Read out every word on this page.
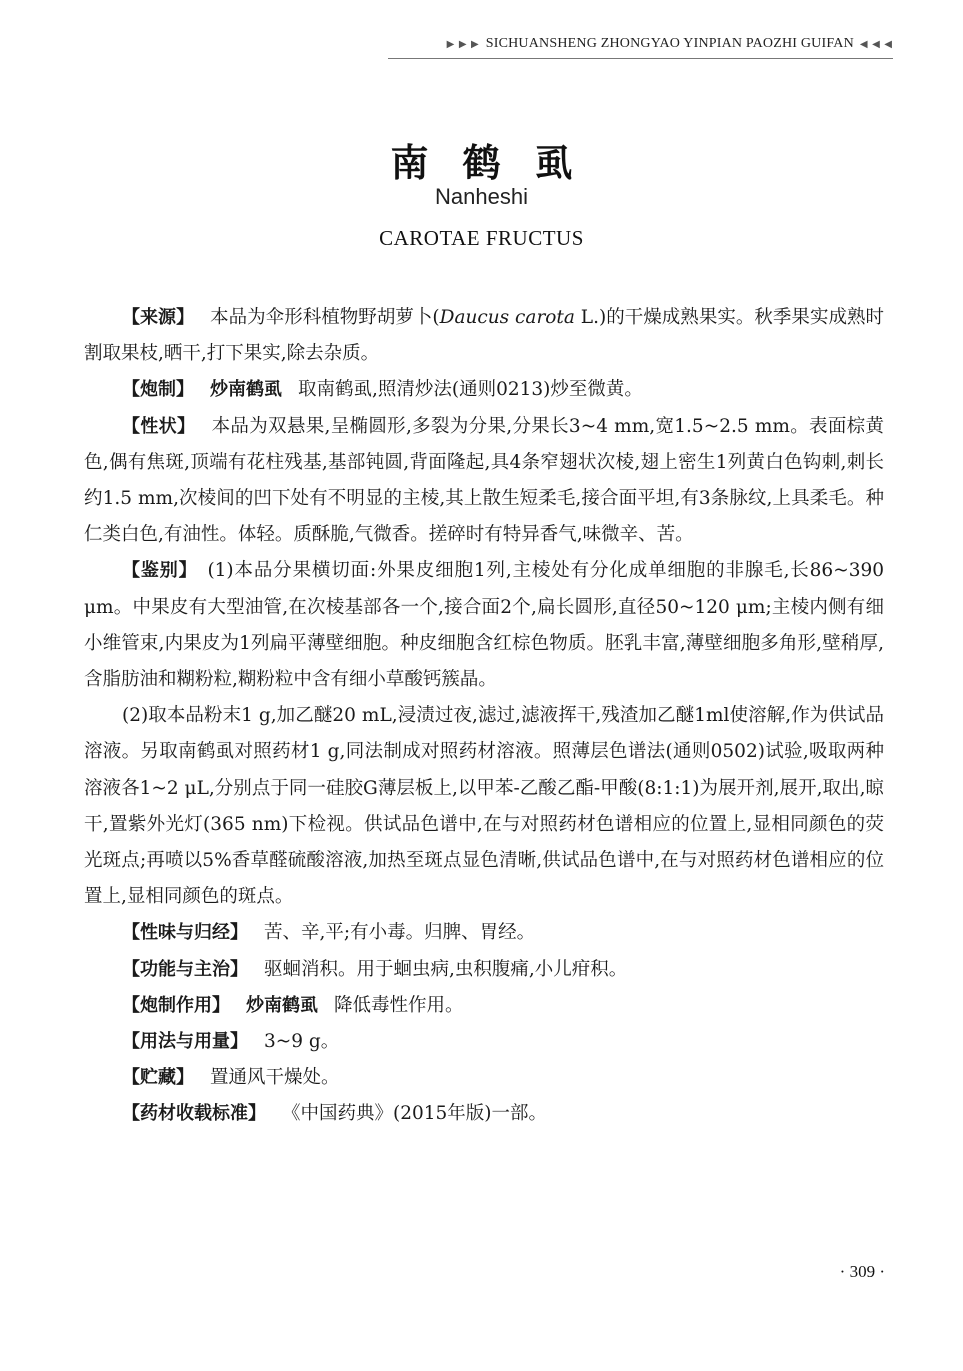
▶ ▶ ▶ SICHUANSHENG ZHONGYAO YINPIAN PAOZHI GUIFAN ◀ ◀ ◀
南鹤虱
Nanheshi
CAROTAE FRUCTUS

【来源】 本品为伞形科植物野胡萝卜(Daucus carota L.)的干燥成熟果实。秋季果实成熟时割取果枝,晒干,打下果实,除去杂质。

【炮制】 炒南鹤虱 取南鹤虱,照清炒法(通则0213)炒至微黄。

【性状】 本品为双悬果,呈椭圆形,多裂为分果,分果长3~4 mm,宽1.5~2.5 mm。表面棕黄色,偶有焦斑,顶端有花柱残基,基部钝圆,背面隆起,具4条窄翅状次棱,翅上密生1列黄白色钩刺,刺长约1.5 mm,次棱间的凹下处有不明显的主棱,其上散生短柔毛,接合面平坦,有3条脉纹,上具柔毛。种仁类白色,有油性。体轻。质酥脆,气微香。搓碎时有特异香气,味微辛、苦。

【鉴别】 (1)本品分果横切面:外果皮细胞1列,主棱处有分化成单细胞的非腺毛,长86~390 μm。中果皮有大型油管,在次棱基部各一个,接合面2个,扁长圆形,直径50~120 μm;主棱内侧有细小维管束,内果皮为1列扁平薄壁细胞。种皮细胞含红棕色物质。胚乳丰富,薄壁细胞多角形,壁稍厚,含脂肪油和糊粉粒,糊粉粒中含有细小草酸钙簇晶。

(2)取本品粉末1 g,加乙醚20 mL,浸渍过夜,滤过,滤液挥干,残渣加乙醚1ml使溶解,作为供试品溶液。另取南鹤虱对照药材1 g,同法制成对照药材溶液。照薄层色谱法(通则0502)试验,吸取两种溶液各1~2 μL,分别点于同一硅胶G薄层板上,以甲苯-乙酸乙酯-甲酸(8:1:1)为展开剂,展开,取出,晾干,置紫外光灯(365 nm)下检视。供试品色谱中,在与对照药材色谱相应的位置上,显相同颜色的荧光斑点;再喷以5%香草醛硫酸溶液,加热至斑点显色清晰,供试品色谱中,在与对照药材色谱相应的位置上,显相同颜色的斑点。

【性味与归经】 苦、辛,平;有小毒。归脾、胃经。

【功能与主治】 驱蛔消积。用于蛔虫病,虫积腹痛,小儿疳积。

【炮制作用】 炒南鹤虱 降低毒性作用。

【用法与用量】 3~9 g。

【贮藏】 置通风干燥处。

【药材收载标准】 《中国药典》(2015年版)一部。

· 309 ·
